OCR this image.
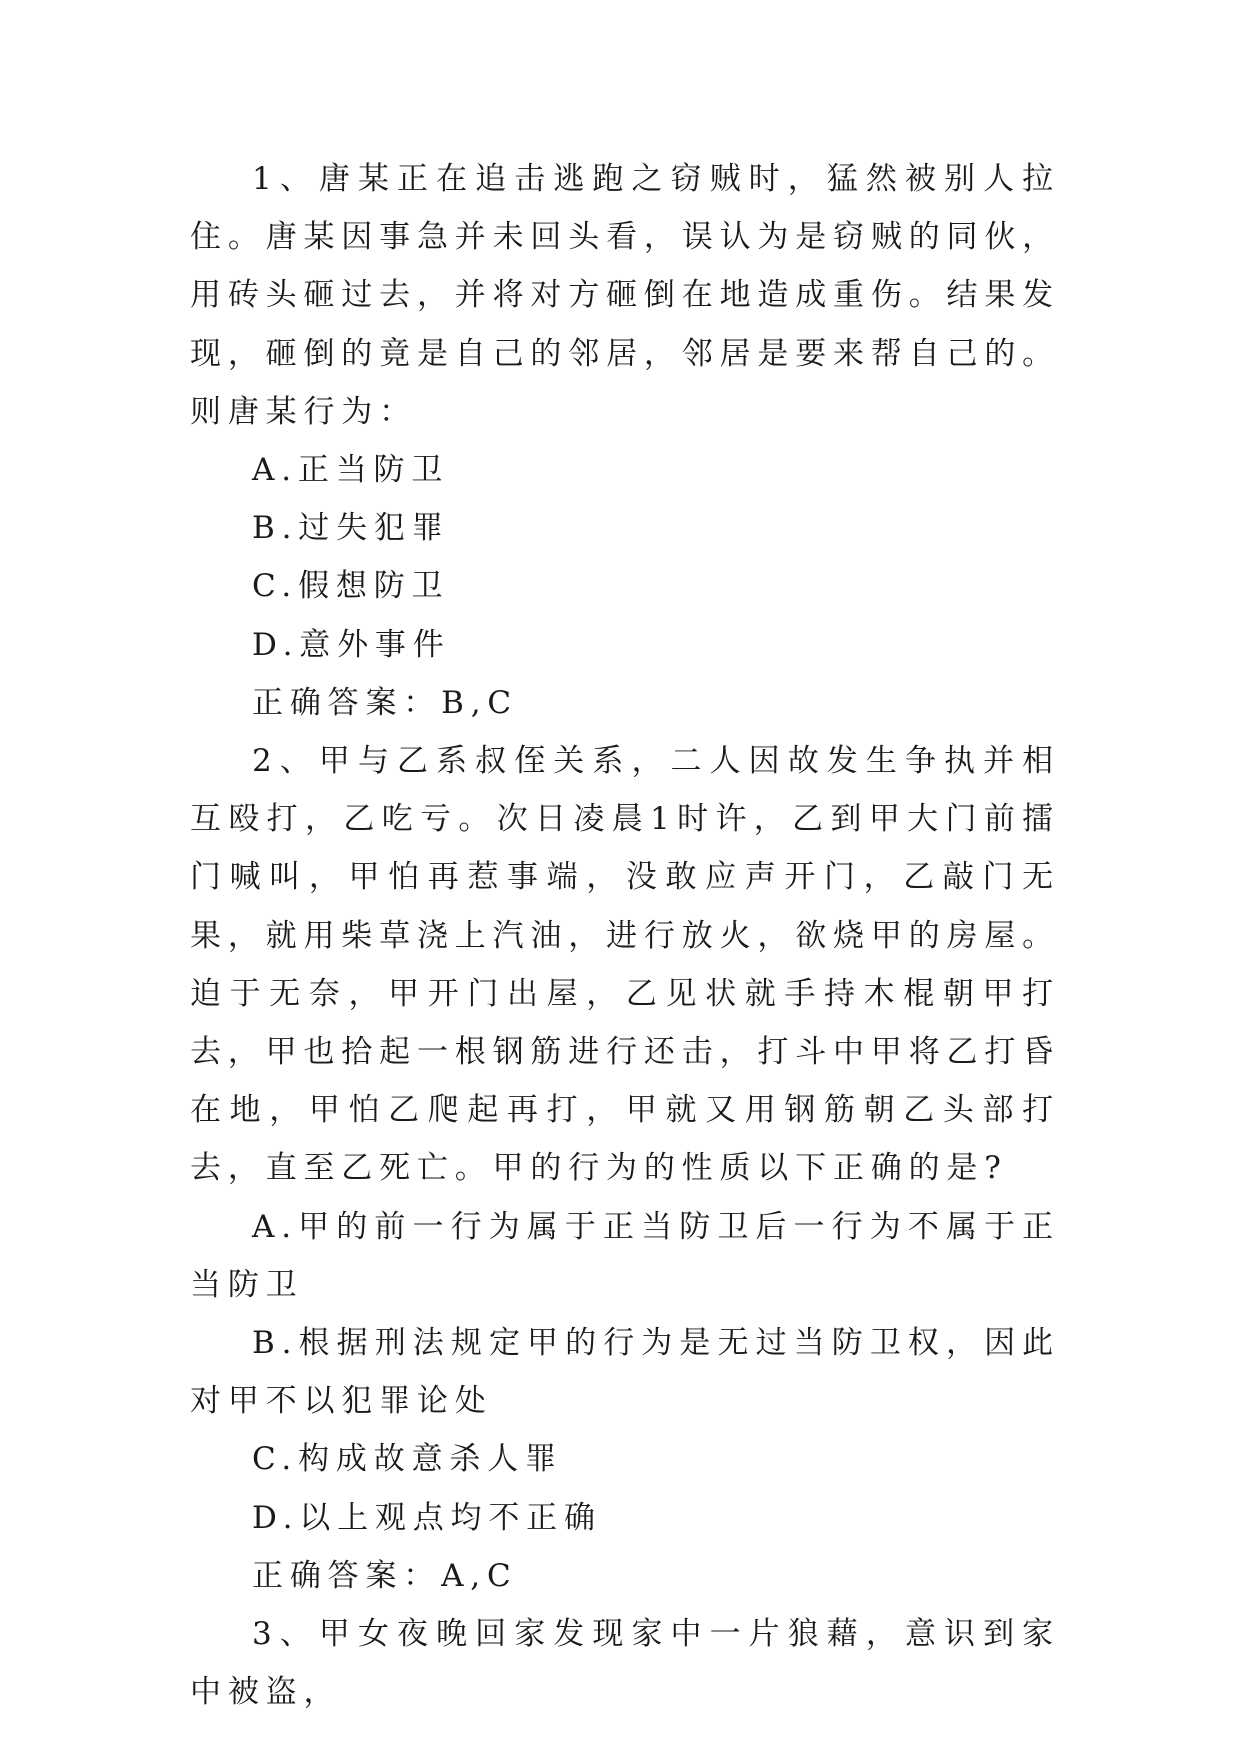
1、唐某正在追击逃跑之窃贼时，猛然被别人拉住。唐某因事急并未回头看，误认为是窃贼的同伙，用砖头砸过去，并将对方砸倒在地造成重伤。结果发现，砸倒的竟是自己的邻居，邻居是要来帮自己的。则唐某行为：

A.正当防卫

B.过失犯罪

C.假想防卫

D.意外事件

正确答案：B,C

2、甲与乙系叔侄关系，二人因故发生争执并相互殴打，乙吃亏。次日凌晨1时许，乙到甲大门前擂门喊叫，甲怕再惹事端，没敢应声开门，乙敲门无果，就用柴草浇上汽油，进行放火，欲烧甲的房屋。迫于无奈，甲开门出屋，乙见状就手持木棍朝甲打去，甲也拾起一根钢筋进行还击，打斗中甲将乙打昏在地，甲怕乙爬起再打，甲就又用钢筋朝乙头部打去，直至乙死亡。甲的行为的性质以下正确的是?

A.甲的前一行为属于正当防卫后一行为不属于正当防卫

B.根据刑法规定甲的行为是无过当防卫权，因此对甲不以犯罪论处

C.构成故意杀人罪

D.以上观点均不正确

正确答案：A,C

3、甲女夜晚回家发现家中一片狼藉，意识到家中被盗，
